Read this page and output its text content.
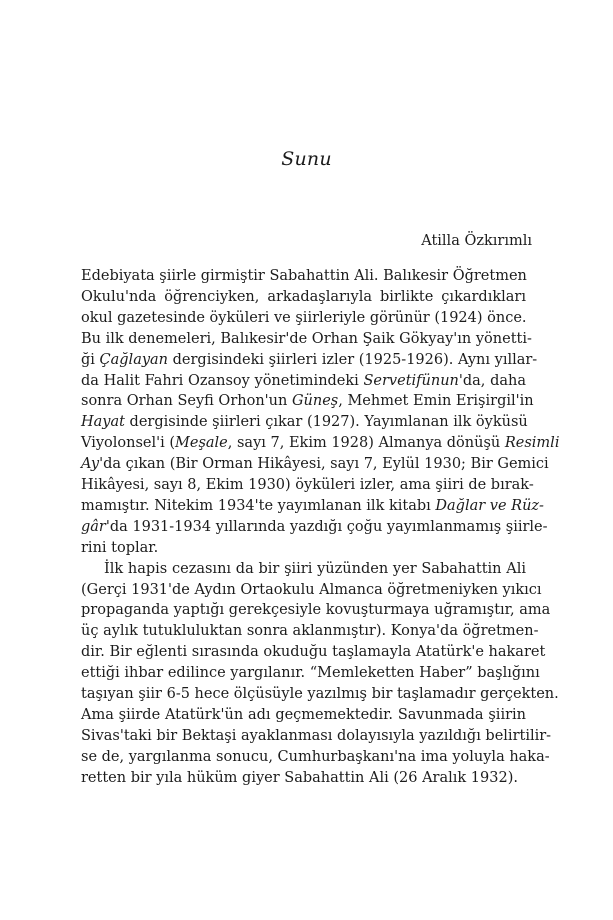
Sunu
Atilla Özkırımlı
Edebiyata şiirle girmiştir Sabahattin Ali. Balıkesir Öğretmen
Okulu'nda öğrenciyken, arkadaşlarıyla birlikte çıkardıkları
okul gazetesinde öyküleri ve şiirleriyle görünür (1924) önce.
Bu ilk denemeleri, Balıkesir'de Orhan Şaik Gökyay'ın yönetti-
ği Çağlayan dergisindeki şiirleri izler (1925-1926). Aynı yıllar-
da Halit Fahri Ozansoy yönetimindeki Servetifünun'da, daha
sonra Orhan Seyfi Orhon'un Güneş, Mehmet Emin Erişirgil'in
Hayat dergisinde şiirleri çıkar (1927). Yayımlanan ilk öyküsü
Viyolonsel'i (Meşale, sayı 7, Ekim 1928) Almanya dönüşü Resimli
Ay'da çıkan (Bir Orman Hikâyesi, sayı 7, Eylül 1930; Bir Gemici
Hikâyesi, sayı 8, Ekim 1930) öyküleri izler, ama şiiri de bırak-
mamıştır. Nitekim 1934'te yayımlanan ilk kitabı Dağlar ve Rüz-
gâr'da 1931-1934 yıllarında yazdığı çoğu yayımlanmamış şiirle-
rini toplar.
İlk hapis cezasını da bir şiiri yüzünden yer Sabahattin Ali
(Gerçi 1931'de Aydın Ortaokulu Almanca öğretmeniyken yıkıcı
propaganda yaptığı gerekçesiyle kovuşturmaya uğramıştır, ama
üç aylık tutukluluktan sonra aklanmıştır). Konya'da öğretmen-
dir. Bir eğlenti sırasında okuduğu taşlamayla Atatürk'e hakaret
ettiği ihbar edilince yargılanır. “Memleketten Haber” başlığını
taşıyan şiir 6-5 hece ölçüsüyle yazılmış bir taşlamadır gerçekten.
Ama şiirde Atatürk'ün adı geçmemektedir. Savunmada şiirin
Sivas'taki bir Bektaşi ayaklanması dolayısıyla yazıldığı belirtilir-
se de, yargılanma sonucu, Cumhurbaşkanı'na ima yoluyla haka-
retten bir yıla hüküm giyer Sabahattin Ali (26 Aralık 1932).
